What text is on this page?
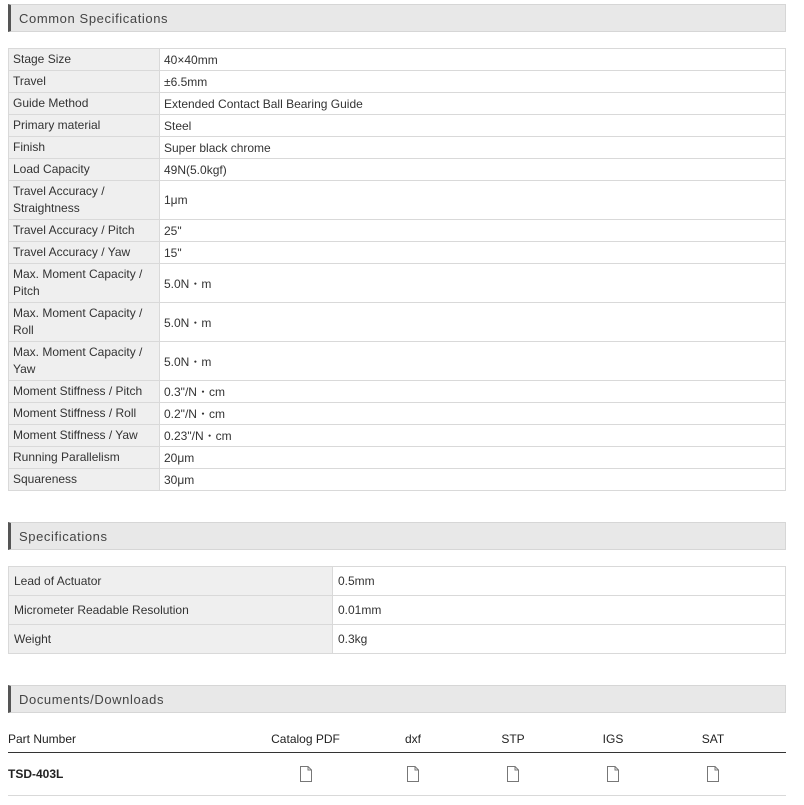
Common Specifications
Stage Size	40×40mm
Travel	±6.5mm
Guide Method	Extended Contact Ball Bearing Guide
Primary material	Steel
Finish	Super black chrome
Load Capacity	49N(5.0kgf)
Travel Accuracy / Straightness	1μm
Travel Accuracy / Pitch	25"
Travel Accuracy / Yaw	15"
Max. Moment Capacity / Pitch	5.0N・m
Max. Moment Capacity / Roll	5.0N・m
Max. Moment Capacity / Yaw	5.0N・m
Moment Stiffness / Pitch	0.3"/N・cm
Moment Stiffness / Roll	0.2"/N・cm
Moment Stiffness / Yaw	0.23"/N・cm
Running Parallelism	20μm
Squareness	30μm
Specifications
Lead of Actuator	0.5mm
Micrometer Readable Resolution	0.01mm
Weight	0.3kg
Documents/Downloads
Part Number	Catalog PDF	dxf	STP	IGS	SAT
TSD-403L
